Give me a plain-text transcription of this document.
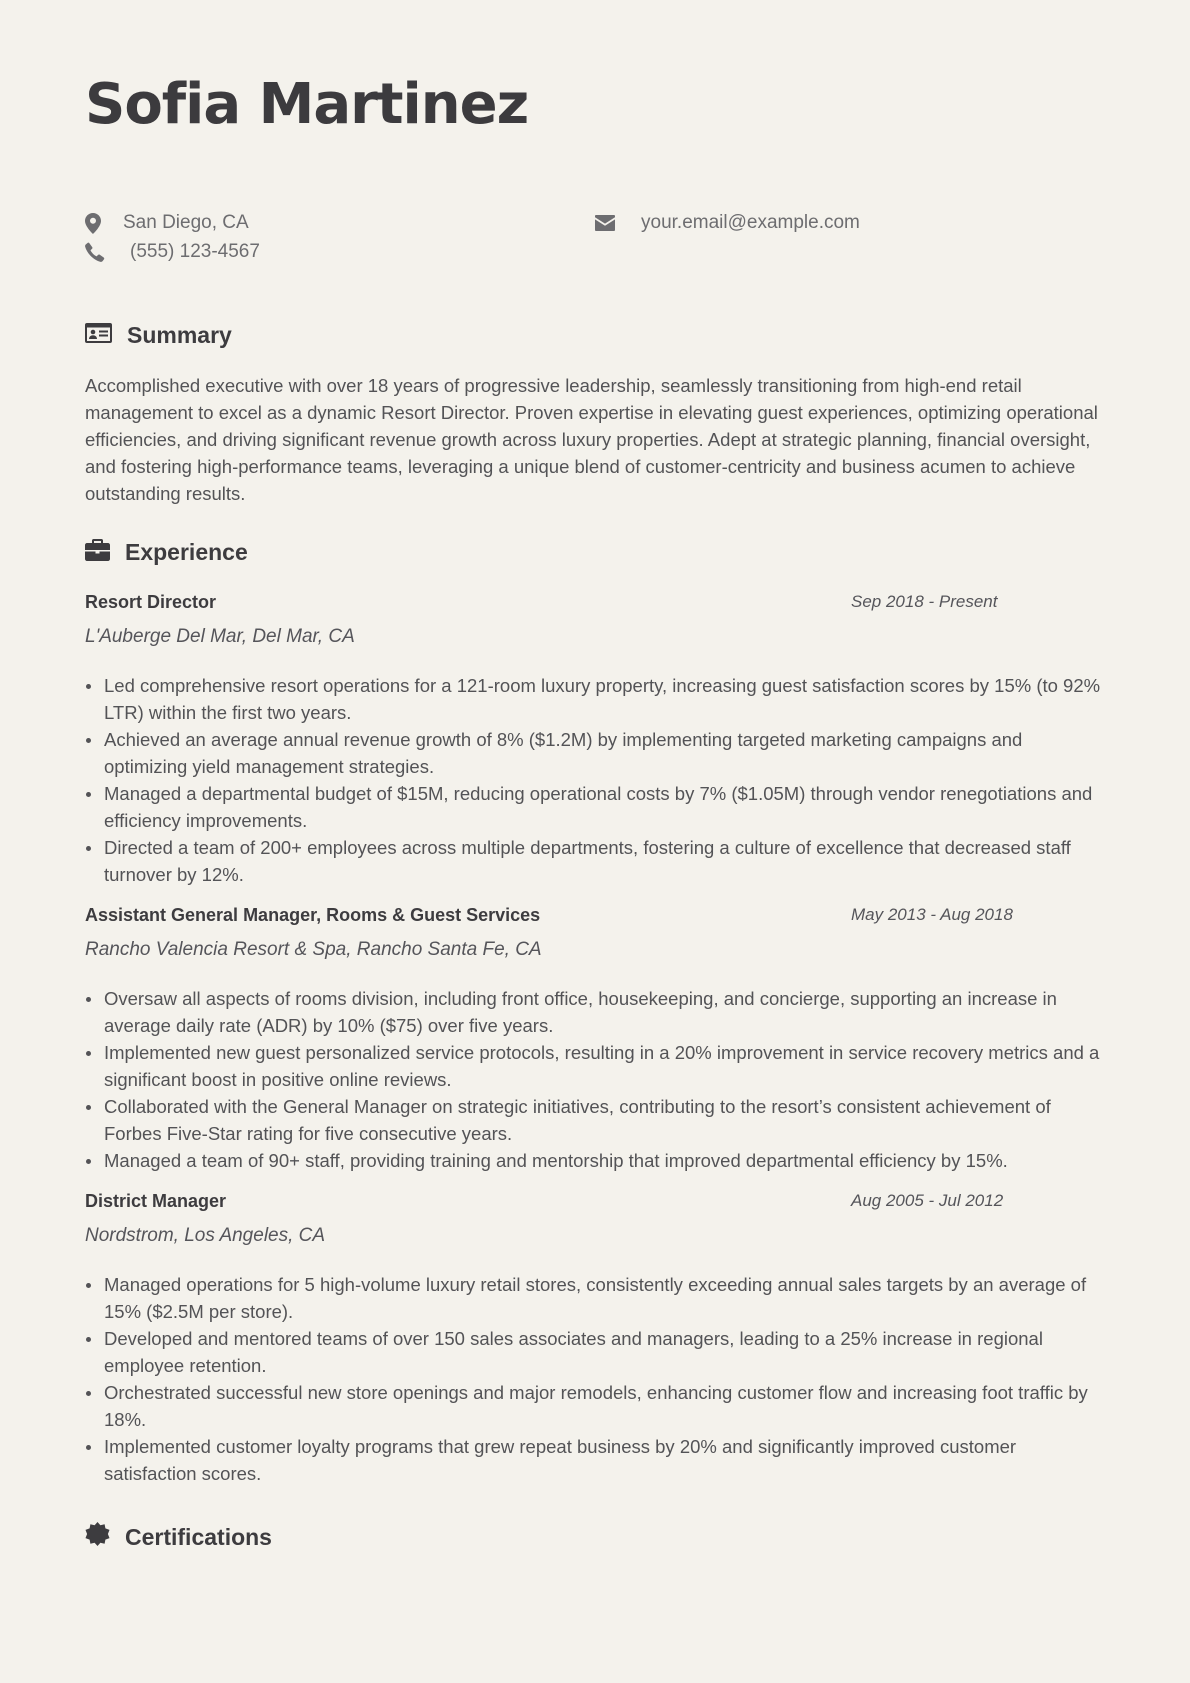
Sofia Martinez
San Diego, CA
(555) 123-4567
your.email@example.com
Summary

Accomplished executive with over 18 years of progressive leadership, seamlessly transitioning from high-end retail management to excel as a dynamic Resort Director. Proven expertise in elevating guest experiences, optimizing operational efficiencies, and driving significant revenue growth across luxury properties. Adept at strategic planning, financial oversight, and fostering high-performance teams, leveraging a unique blend of customer-centricity and business acumen to achieve outstanding results.

Experience
Resort Director	Sep 2018 - Present
L'Auberge Del Mar, Del Mar, CA
Led comprehensive resort operations for a 121-room luxury property, increasing guest satisfaction scores by 15% (to 92% LTR) within the first two years.
Achieved an average annual revenue growth of 8% ($1.2M) by implementing targeted marketing campaigns and optimizing yield management strategies.
Managed a departmental budget of $15M, reducing operational costs by 7% ($1.05M) through vendor renegotiations and efficiency improvements.
Directed a team of 200+ employees across multiple departments, fostering a culture of excellence that decreased staff turnover by 12%.
Assistant General Manager, Rooms & Guest Services	May 2013 - Aug 2018
Rancho Valencia Resort & Spa, Rancho Santa Fe, CA
Oversaw all aspects of rooms division, including front office, housekeeping, and concierge, supporting an increase in average daily rate (ADR) by 10% ($75) over five years.
Implemented new guest personalized service protocols, resulting in a 20% improvement in service recovery metrics and a significant boost in positive online reviews.
Collaborated with the General Manager on strategic initiatives, contributing to the resort’s consistent achievement of Forbes Five-Star rating for five consecutive years.
Managed a team of 90+ staff, providing training and mentorship that improved departmental efficiency by 15%.
District Manager	Aug 2005 - Jul 2012
Nordstrom, Los Angeles, CA
Managed operations for 5 high-volume luxury retail stores, consistently exceeding annual sales targets by an average of 15% ($2.5M per store).
Developed and mentored teams of over 150 sales associates and managers, leading to a 25% increase in regional employee retention.
Orchestrated successful new store openings and major remodels, enhancing customer flow and increasing foot traffic by 18%.
Implemented customer loyalty programs that grew repeat business by 20% and significantly improved customer satisfaction scores.
Certifications
